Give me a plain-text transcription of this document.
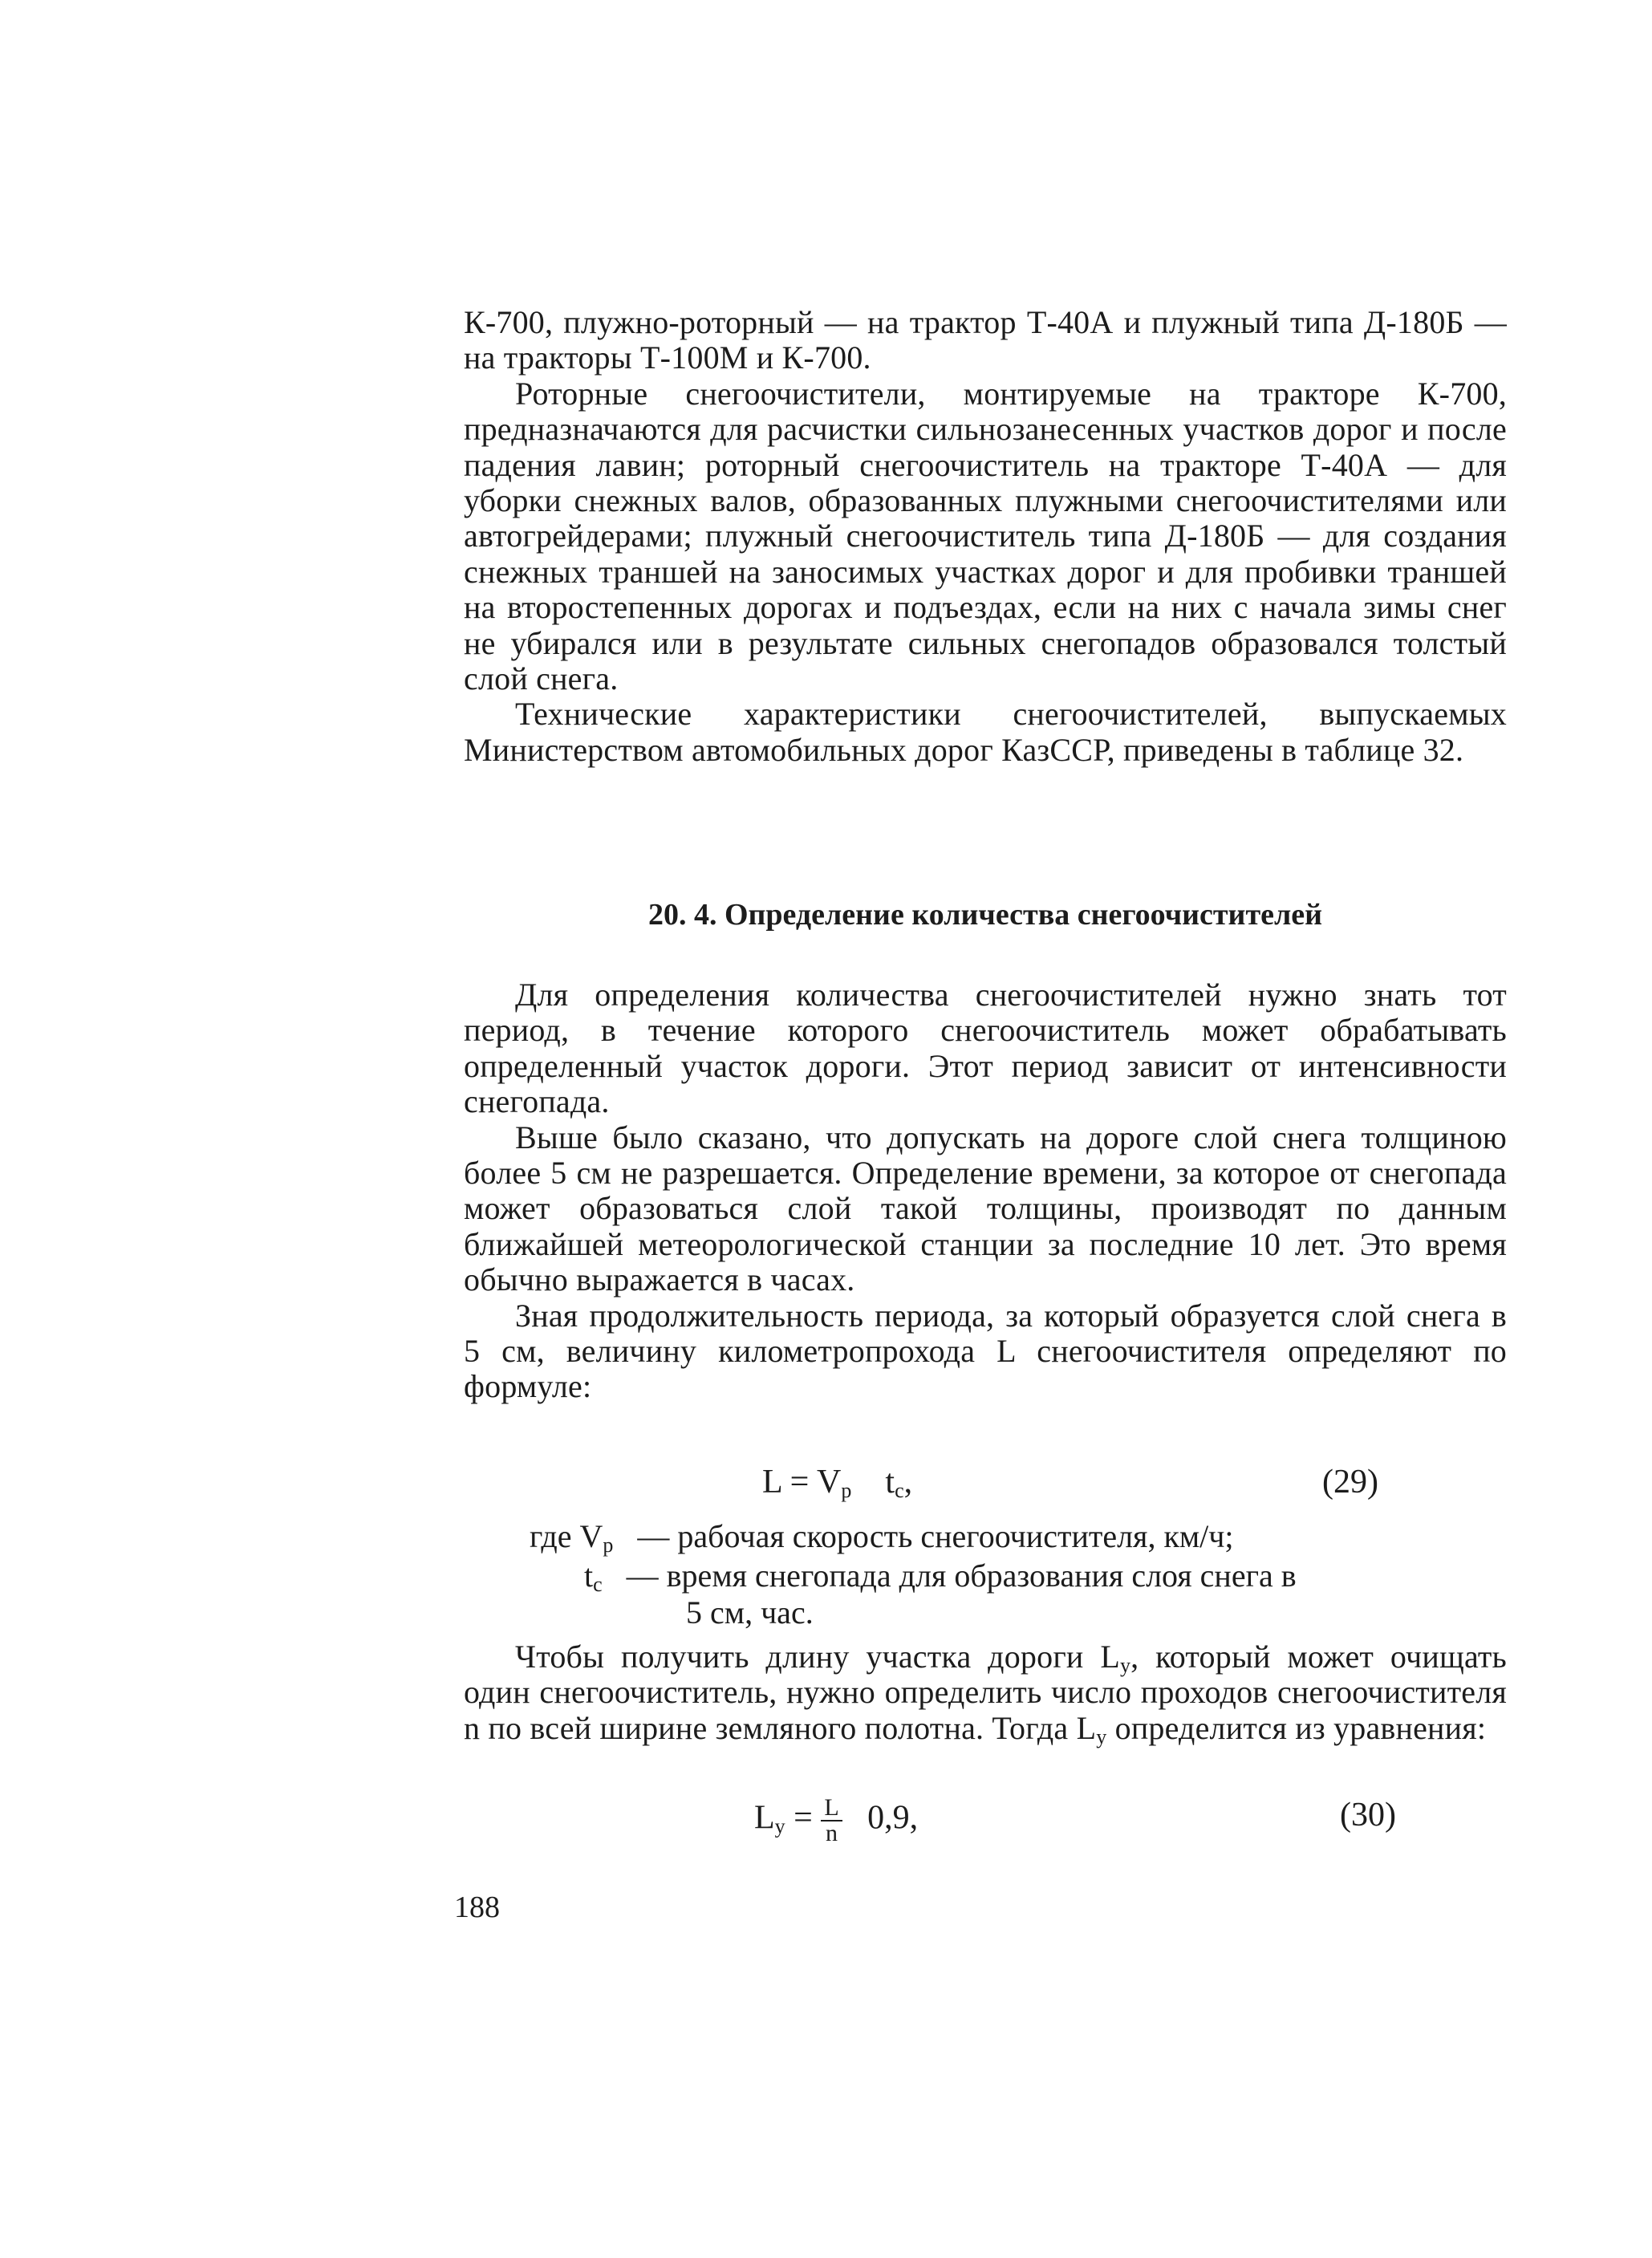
К-700, плужно-роторный — на трактор Т-40А и плужный типа Д-180Б — на тракторы Т-100М и К-700.

Роторные снегоочистители, монтируемые на тракторе К-700, предназначаются для расчистки сильнозанесенных участков дорог и после падения лавин; роторный снегоочиститель на тракторе Т-40А — для уборки снежных валов, образованных плужными снегоочистителями или автогрейдерами; плужный снегоочиститель типа Д-180Б — для создания снежных траншей на заносимых участках дорог и для пробивки траншей на второстепенных дорогах и подъездах, если на них с начала зимы снег не убирался или в результате сильных снегопадов образовался толстый слой снега.

Технические характеристики снегоочистителей, выпускаемых Министерством автомобильных дорог КазССР, приведены в таблице 32.

20. 4. Определение количества снегоочистителей

Для определения количества снегоочистителей нужно знать тот период, в течение которого снегоочиститель может обрабатывать определенный участок дороги. Этот период зависит от интенсивности снегопада.

Выше было сказано, что допускать на дороге слой снега толщиною более 5 см не разрешается. Определение времени, за которое от снегопада может образоваться слой такой толщины, производят по данным ближайшей метеорологической станции за последние 10 лет. Это время обычно выражается в часах.

Зная продолжительность периода, за который образуется слой снега в 5 см, величину километропрохода L снегоочистителя определяют по формуле:

$L = V_р$ $t_c$,	(29)
где $V_р$ — рабочая скорость снегоочистителя, км/ч;
$t_c$ — время снегопада для образования слоя снега в
5 см, час.

Чтобы получить длину участка дороги $L_у$, который может очищать один снегоочиститель, нужно определить число проходов снегоочистителя n по всей ширине земляного полотна. Тогда $L_у$ определится из уравнения:

$L_у = \frac{L}{n} 0,9$,	(30)
188
